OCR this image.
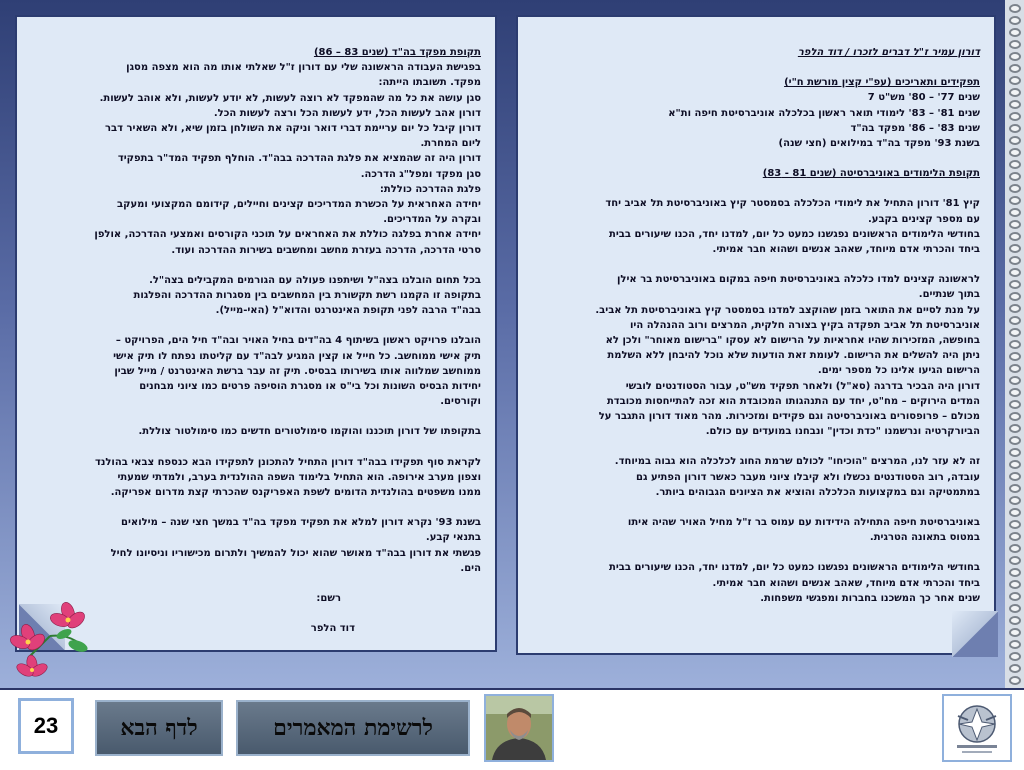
תקופת מפקד בה"ד (שנים 83 – 86)

בפגישת העבודה הראשונה שלי עם דורון ז"ל שאלתי אותו מה הוא מצפה מסגן

מפקד. תשובתו הייתה:

סגן עושה את כל מה שהמפקד לא רוצה לעשות, לא יודע לעשות, ולא אוהב לעשות.

דורון אהב לעשות הכל, ידע לעשות הכל ורצה לעשות הכל.

דורון קיבל כל יום עריימת דברי דואר וניקה את השולחן בזמן שיא, ולא השאיר דבר

ליום המחרת.

דורון היה זה שהמציא את פלגת ההדרכה בבה"ד. הוחלף תפקיד המד"ר בתפקיד

סגן מפקד ומפל"ג הדרכה.

פלגת ההדרכה כוללת:

יחידה האחראית על הכשרת המדריכים קצינים וחיילים, קידומם המקצועי ומעקב

ובקרה על המדריכים.

יחידה אחרת בפלגה כוללת את האחראים על תוכני הקורסים ואמצעי ההדרכה, אולפן

סרטי הדרכה, הדרכה בעזרת מחשב ומחשבים בשירות ההדרכה ועוד.

בכל תחום הובלנו בצה"ל ושיתפנו פעולה עם הגורמים המקבילים בצה"ל.

בתקופה זו הקמנו רשת תקשורת בין המחשבים בין מסגרות ההדרכה והפלגות

בבה"ד הרבה לפני תקופת האינטרנט והדוא"ל (האי-מייל).

הובלנו פרויקט ראשון בשיתוף 4 בה"דים בחיל האויר ובה"ד חיל הים, הפרויקט –

תיק אישי ממוחשב. כל חייל או קצין המגיע לבה"ד עם קליטתו נפתח לו תיק אישי

ממוחשב שמלווה אותו בשירותו בבסיס. תיק זה עבר ברשת האינטרנט / מייל שבין

יחידות הבסיס השונות וכל בי"ס או מסגרת הוסיפה פרטים כמו ציוני מבחנים

וקורסים.

בתקופתו של דורון תוכננו והוקמו סימולטורים חדשים כמו סימולטור צוללת.

לקראת סוף תפקידו בבה"ד דורון התחיל להתכונן לתפקידו הבא כנספח צבאי בהולנד

וצפון מערב אירופה. הוא התחיל בלימוד השפה ההולנדית בערב, ולמדתי שמעתי

ממנו משפטים בהולנדית הדומים לשפת האפריקנס שהכרתי קצת מדרום אפריקה.

בשנת 93' נקרא דורון למלא את תפקיד מפקד בה"ד במשך חצי שנה – מילואים

בתנאי קבע.

פגשתי את דורון בבה"ד מאושר שהוא יכול להמשיך ולתרום מכישוריו וניסיונו לחיל

הים.

רשם:

דוד הלפר

דורון עמיר ז"ל דברים לזכרו / דוד הלפר

תפקידים ותאריכים (עפ"י קצין מורשת ח"י)

שנים 77' – 80' מש"ט 7

שנים 81' – 83' לימודי תואר ראשון בכלכלה אוניברסיטת חיפה ות"א

שנים 83' – 86' מפקד בה"ד

בשנת 93' מפקד בה"ד במילואים (חצי שנה)

תקופת הלימודים באוניברסיטה (שנים 81 - 83)

קיץ 81' דורון התחיל את לימודי הכלכלה בסמסטר קיץ באוניברסיטת תל אביב יחד

עם מספר קצינים בקבע.

בחודשי הלימודים הראשונים נפגשנו כמעט כל יום, למדנו יחד, הכנו שיעורים בבית

ביחד והכרתי אדם מיוחד, שאהב אנשים ושהוא חבר אמיתי.

לראשונה קצינים למדו כלכלה באוניברסיטת חיפה במקום באוניברסיטת בר אילן

בתוך שנתיים.

על מנת לסיים את התואר בזמן שהוקצב למדנו בסמסטר קיץ באוניברסיטת תל אביב.

אוניברסיטת תל אביב תפקדה בקיץ בצורה חלקית, המרצים ורוב ההנהלה היו

בחופשה, המזכירות שהיו אחראיות על הרישום לא עסקו "ברישום מאוחר" ולכן לא

ניתן היה להשלים את הרישום. לעומת זאת הודעות שלא נוכל להיבחן ללא השלמת

הרישום הגיעו אלינו כל מספר ימים.

דורון היה הבכיר בדרגה (סא"ל) ולאחר תפקיד מש"ט, עבור הסטודנטים לובשי

המדים הירוקים – מח"ט, יחד עם התנהגותו המכובדת הוא זכה להתייחסות מכובדת

מכולם – פרופסורים באוניברסיטה וגם פקידים ומזכירות. מהר מאוד דורון התגבר על

הביורקרטיה ונרשמנו "כדת וכדין" ונבחנו במועדים עם כולם.

זה לא עזר לנו, המרצים "הוכיחו" לכולם שרמת החוג לכלכלה הוא גבוה במיוחד.

עובדה, רוב הסטודנטים נכשלו ולא קיבלו ציוני מעבר כאשר דורון הפתיע גם

במתמטיקה וגם במקצועות הכלכלה והוציא את הציונים הגבוהים ביותר.

באוניברסיטת חיפה התחילה הידידות עם עמוס בר ז"ל מחיל האויר שהיה איתו

במטוס בתאונה הטרגית.

בחודשי הלימודים הראשונים נפגשנו כמעט כל יום, למדנו יחד, הכנו שיעורים בבית

ביחד והכרתי אדם מיוחד, שאהב אנשים ושהוא חבר אמיתי.

שנים אחר כך המשכנו בחברות ומפגשי משפחות.

23	לדף הבא	לרשימת המאמרים
